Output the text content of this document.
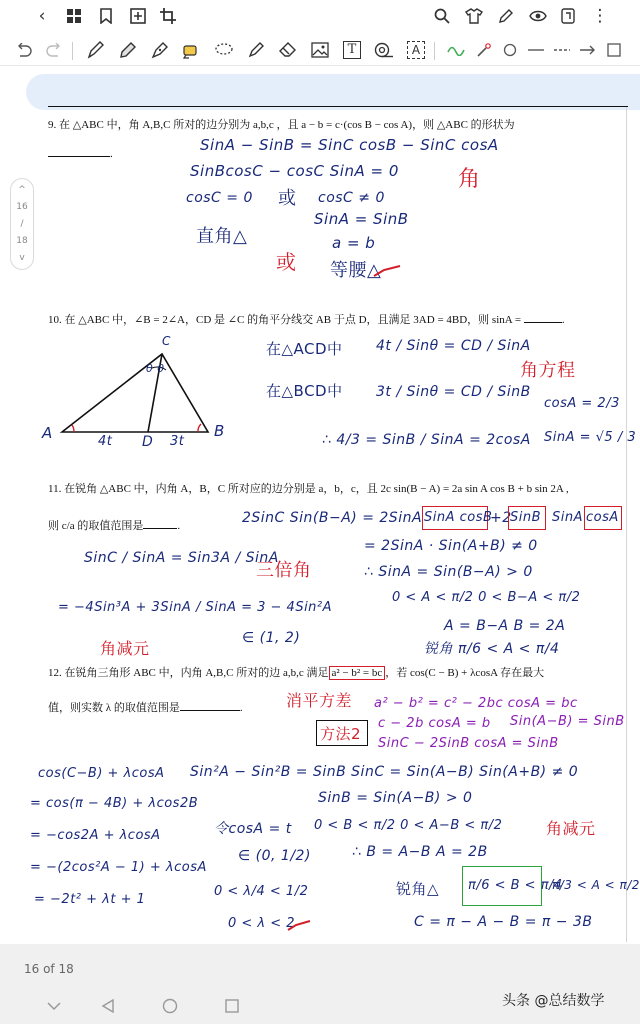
‹	⋮
T	A
^
16
/
18
v
9. 在 △ABC 中，角 A,B,C 所对的边分别为 a,b,c ，且 a − b = c·(cos B − cos A)，则 △ABC 的形状为
.	SinA − SinB = SinC cosB − SinC cosA
SinBcosC − cosC SinA = 0
cosC = 0 或 cosC ≠ 0
SinA = SinB
a = b
直角△
或 等腰△
角
10. 在 △ABC 中，∠B = 2∠A，CD 是 ∠C 的角平分线交 AB 于点 D，且满足 3AD = 4BD，则 sinA =	.
C
θ θ
A	B
D
4t	3t
在△ACD中 4t / Sinθ = CD / SinA
在△BCD中 3t / Sinθ = CD / SinB
∴ 4/3 = SinB / SinA = 2cosA
角方程
cosA = 2/3
SinA = √5 / 3
11. 在锐角 △ABC 中，内角 A，B，C 所对应的边分别是 a，b，c，且 2c sin(B − A) = 2a sin A cos B + b sin 2A ,
则 c/a 的取值范围是	.	2SinC Sin(B−A) = 2SinA SinA cosB
+2
SinB SinA cosA
= 2SinA · Sin(A+B) ≠ 0
∴ SinA = Sin(B−A) > 0
0 < A < π/2 0 < B−A < π/2
SinC / SinA = Sin3A / SinA
三倍角
= −4Sin³A + 3SinA / SinA = 3 − 4Sin²A
∈ (1, 2)
角减元
A = B−A B = 2A
锐角 π/6 < A < π/4
12. 在锐角三角形 ABC 中，内角 A,B,C 所对的边 a,b,c 满足 a² − b² = bc ，若 cos(C − B) + λcosA 存在最大
值，则实数 λ 的取值范围是	.	消平方差
方法2
a² − b² = c² − 2bc cosA = bc
c − 2b cosA = b
SinC − 2SinB cosA = SinB
Sin(A−B) = SinB
Sin²A − Sin²B = SinB SinC = Sin(A−B) Sin(A+B) ≠ 0
cos(C−B) + λcosA
= cos(π − 4B) + λcos2B
= −cos2A + λcosA
= −(2cos²A − 1) + λcosA
= −2t² + λt + 1
令cosA = t
∈ (0, 1/2)
0 < λ/4 < 1/2
0 < λ < 2
SinB = Sin(A−B) > 0
0 < B < π/2 0 < A−B < π/2
∴ B = A−B A = 2B
锐角△ π/6 < B < π/4
π/3 < A < π/2
C = π − A − B = π − 3B
角减元
16 of 18
头条 @总结数学
